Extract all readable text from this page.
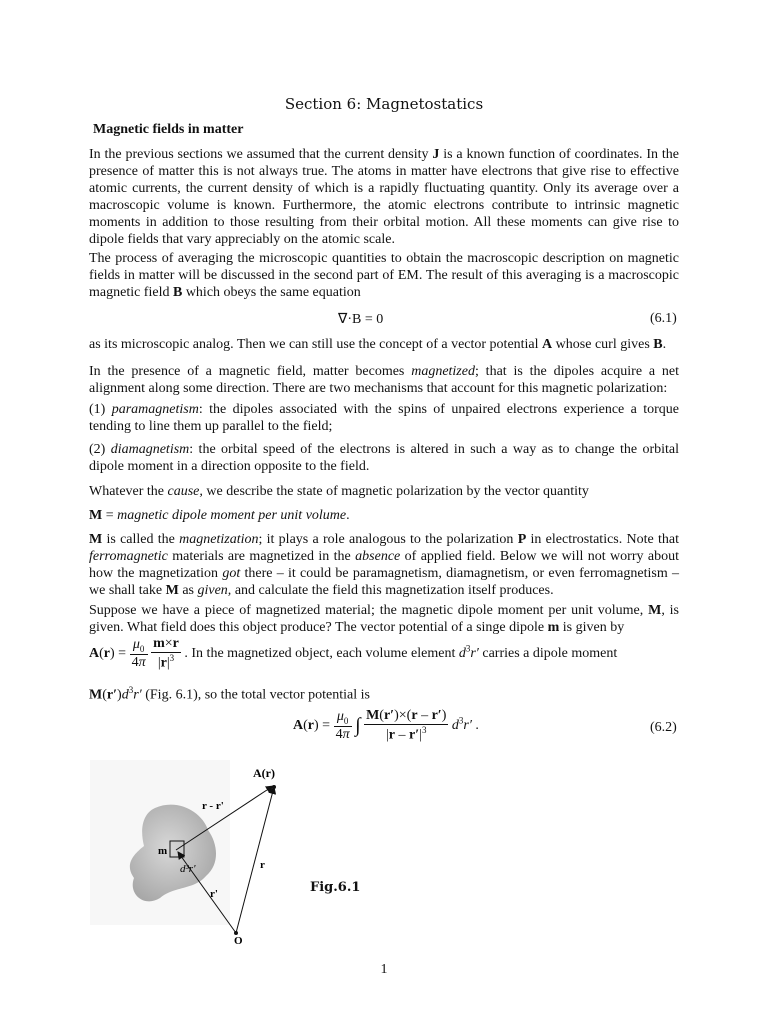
Section 6: Magnetostatics
Magnetic fields in matter
In the previous sections we assumed that the current density J is a known function of coordinates. In the presence of matter this is not always true. The atoms in matter have electrons that give rise to effective atomic currents, the current density of which is a rapidly fluctuating quantity. Only its average over a macroscopic volume is known. Furthermore, the atomic electrons contribute to intrinsic magnetic moments in addition to those resulting from their orbital motion. All these moments can give rise to dipole fields that vary appreciably on the atomic scale.
The process of averaging the microscopic quantities to obtain the macroscopic description on magnetic fields in matter will be discussed in the second part of EM. The result of this averaging is a macroscopic magnetic field B which obeys the same equation
∇·B = 0	(6.1)
as its microscopic analog. Then we can still use the concept of a vector potential A whose curl gives B.
In the presence of a magnetic field, matter becomes magnetized; that is the dipoles acquire a net alignment along some direction. There are two mechanisms that account for this magnetic polarization:
(1) paramagnetism: the dipoles associated with the spins of unpaired electrons experience a torque tending to line them up parallel to the field;
(2) diamagnetism: the orbital speed of the electrons is altered in such a way as to change the orbital dipole moment in a direction opposite to the field.
Whatever the cause, we describe the state of magnetic polarization by the vector quantity
M = magnetic dipole moment per unit volume.
M is called the magnetization; it plays a role analogous to the polarization P in electrostatics. Note that ferromagnetic materials are magnetized in the absence of applied field. Below we will not worry about how the magnetization got there – it could be paramagnetism, diamagnetism, or even ferromagnetism – we shall take M as given, and calculate the field this magnetization itself produces.
Suppose we have a piece of magnetized material; the magnetic dipole moment per unit volume, M, is given. What field does this object produce? The vector potential of a singe dipole m is given by
$A(r) = \frac{\mu_0}{4\pi}$
$\frac{m\times r}{|r|^3}$ . In the magnetized object, each volume element $d^3r'$ carries a dipole moment
$M(r')d^3r'$ (Fig. 6.1), so the total vector potential is
$A(r) = \frac{\mu_0}{4\pi}$ ∫ $\frac{M(r')\times(r - r')}{|r - r'|^3} d^3r'$ .	(6.2)
A(r)
r - r'
m
d³r'	r
r'
O
Fig.6.1
1
